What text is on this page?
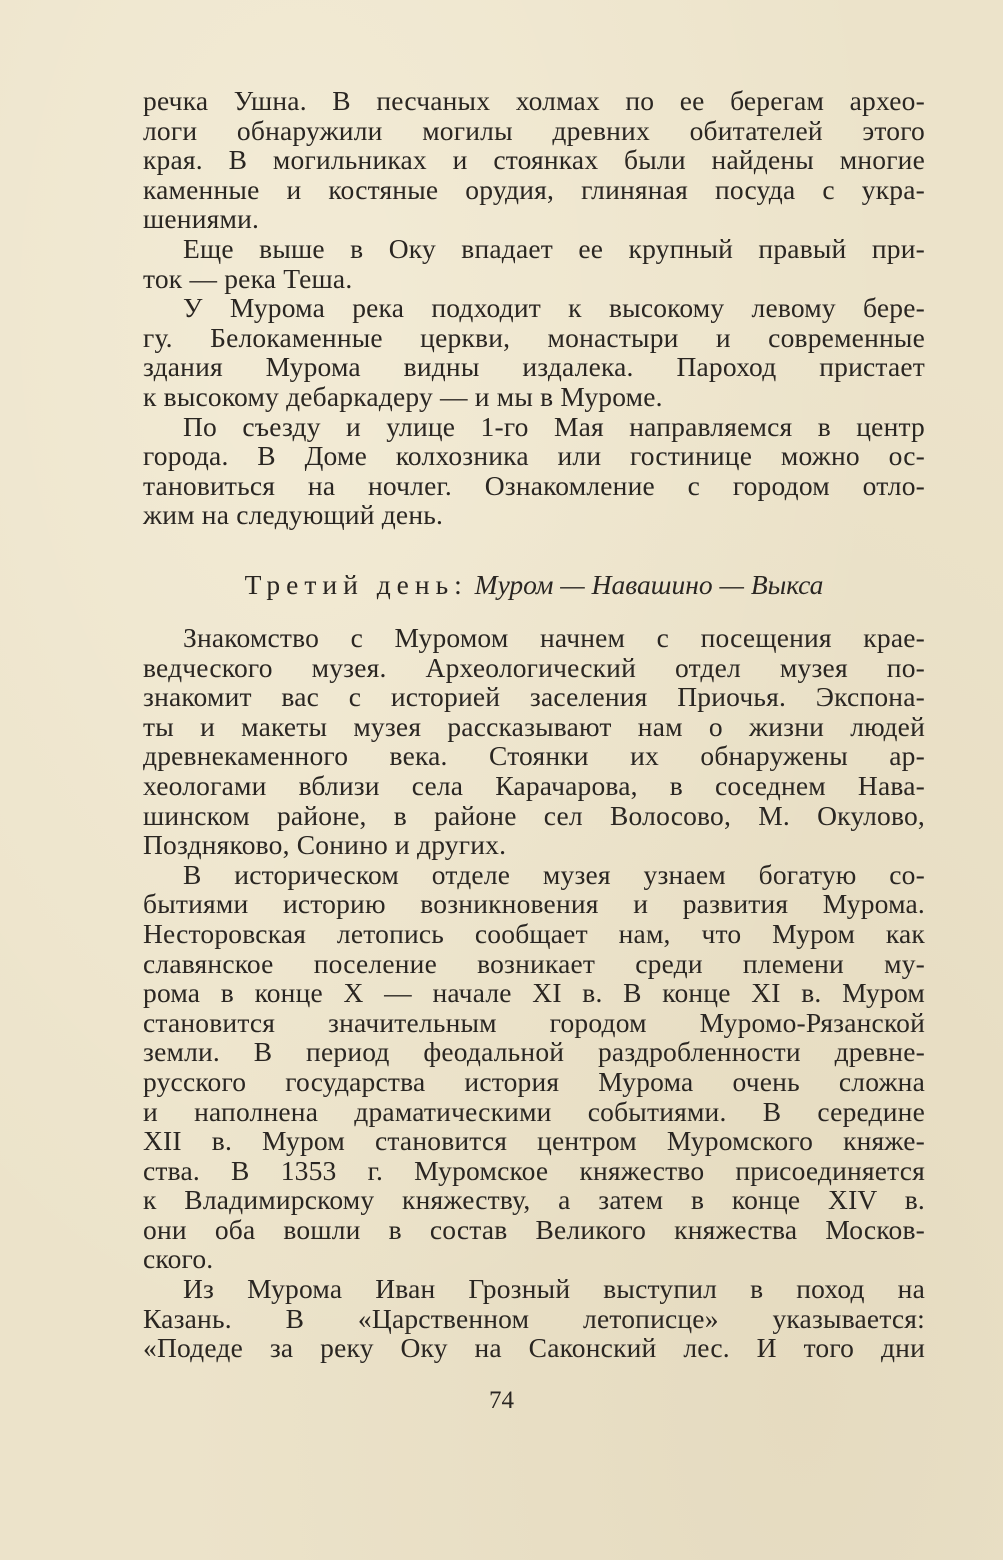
речка Ушна. В песчаных холмах по ее берегам архео-
логи обнаружили могилы древних обитателей этого
края. В могильниках и стоянках были найдены многие
каменные и костяные орудия, глиняная посуда с укра-
шениями.
Еще выше в Оку впадает ее крупный правый при-
ток — река Теша.
У Мурома река подходит к высокому левому бере-
гу. Белокаменные церкви, монастыри и современные
здания Мурома видны издалека. Пароход пристает
к высокому дебаркадеру — и мы в Муроме.
По съезду и улице 1-го Мая направляемся в центр
города. В Доме колхозника или гостинице можно ос-
тановиться на ночлег. Ознакомление с городом отло-
жим на следующий день.
Третий день: Муром — Навашино — Выкса
Знакомство с Муромом начнем с посещения крае-
ведческого музея. Археологический отдел музея по-
знакомит вас с историей заселения Приочья. Экспона-
ты и макеты музея рассказывают нам о жизни людей
древнекаменного века. Стоянки их обнаружены ар-
хеологами вблизи села Карачарова, в соседнем Нава-
шинском районе, в районе сел Волосово, М. Окулово,
Поздняково, Сонино и других.
В историческом отделе музея узнаем богатую со-
бытиями историю возникновения и развития Мурома.
Несторовская летопись сообщает нам, что Муром как
славянское поселение возникает среди племени му-
рома в конце X — начале XI в. В конце XI в. Муром
становится значительным городом Муромо-Рязанской
земли. В период феодальной раздробленности древне-
русского государства история Мурома очень сложна
и наполнена драматическими событиями. В середине
XII в. Муром становится центром Муромского княже-
ства. В 1353 г. Муромское княжество присоединяется
к Владимирскому княжеству, а затем в конце XIV в.
они оба вошли в состав Великого княжества Москов-
ского.
Из Мурома Иван Грозный выступил в поход на
Казань. В «Царственном летописце» указывается:
«Подеде за реку Оку на Саконский лес. И того дни
74
